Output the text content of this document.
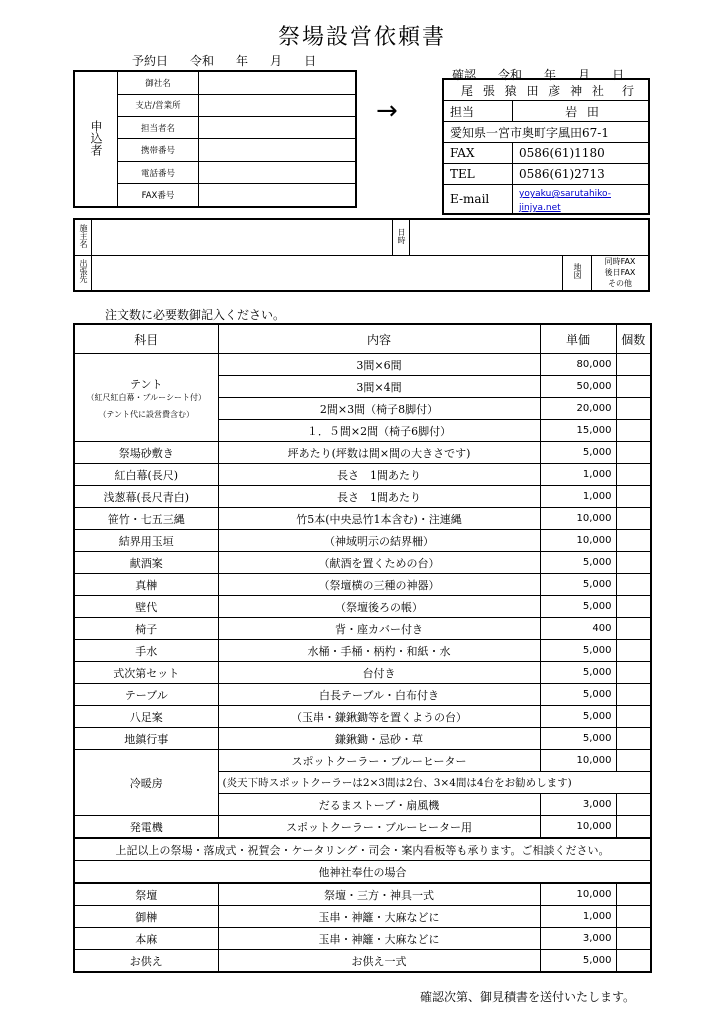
祭場設営依頼書
予約日 令和 年 月 日
確認 令和 年 月 日
申込者	御社名	
	支店/営業所	
	担当者名	
	携帯番号	
	電話番号	
	FAX番号	
→
尾 張 猿 田 彦 神 社　 行	
担当	岩 田
愛知県一宮市奥町字風田67-1	
FAX	0586(61)1180
TEL	0586(61)2713
E-mail	yoyaku@sarutahiko-jinjya.net
施主名		日時			
出張先				地図	同時FAX
後日FAX
その他
注文数に必要数御記入ください。
科目	内容	単価	個数

テント
（紅尺紅白幕・ブルーシート付）
（テント代に設営費含む）	3間×6間	80,000	
	3間×4間	50,000	
	2間×3間（椅子8脚付）	20,000	
	１．５間×2間（椅子6脚付）	15,000	
祭場砂敷き	坪あたり(坪数は間×間の大きさです)	5,000	
紅白幕(長尺)	長さ　1間あたり	1,000	
浅葱幕(長尺青白)	長さ　1間あたり	1,000	
笹竹・七五三縄	竹5本(中央忌竹1本含む)・注連縄	10,000	
結界用玉垣	（神域明示の結界柵）	10,000	
献酒案	（献酒を置くための台）	5,000	
真榊	（祭壇横の三種の神器）	5,000	
壁代	（祭壇後ろの帳）	5,000	
椅子	背・座カバー付き	400	
手水	水桶・手桶・柄杓・和紙・水	5,000	
式次第セット	台付き	5,000	
テーブル	白長テーブル・白布付き	5,000	
八足案	（玉串・鎌鍬鋤等を置くようの台）	5,000	
地鎮行事	鎌鍬鋤・忌砂・草	5,000	
冷暖房	スポットクーラー・ブルーヒーター	10,000	
	(炎天下時スポットクーラーは2×3間は2台、3×4間は4台をお勧めします)		
	だるまストーブ・扇風機	3,000	
発電機	スポットクーラー・ブルーヒーター用	10,000	
上記以上の祭場・落成式・祝賀会・ケータリング・司会・案内看板等も承ります。ご相談ください。			
他神社奉仕の場合			
祭壇	祭壇・三方・神具一式	10,000	
御榊	玉串・神籬・大麻などに	1,000	
本麻	玉串・神籬・大麻などに	3,000	
お供え	お供え一式	5,000	
確認次第、御見積書を送付いたします。
